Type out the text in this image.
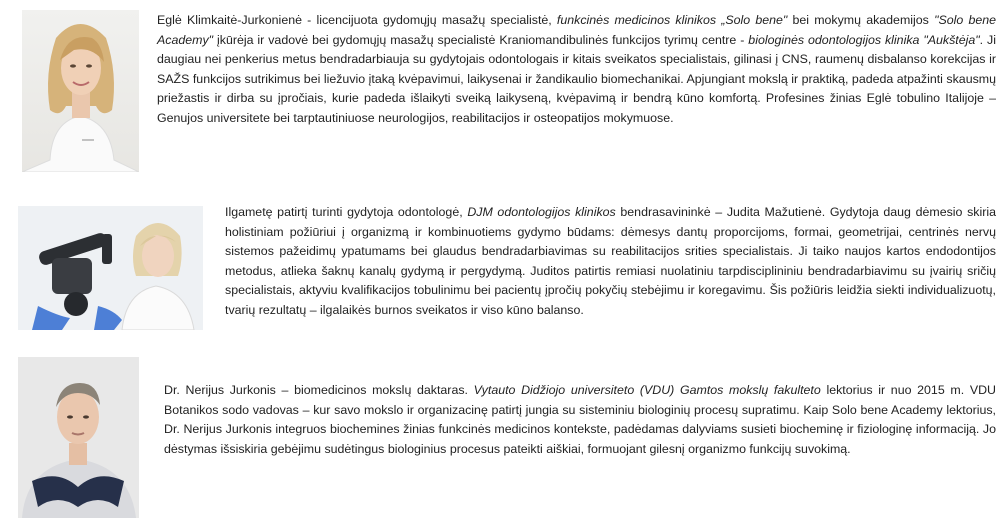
Eglė Klimkaitė-Jurkonienė - licencijuota gydomųjų masažų specialistė, funkcinės medicinos klinikos „Solo bene" bei mokymų akademijos "Solo bene Academy" įkūrėja ir vadovė bei gydomųjų masažų specialistė Kraniomandibulinės funkcijos tyrimų centre - biologinės odontologijos klinika "Aukštėja". Ji daugiau nei penkerius metus bendradarbiauja su gydytojais odontologais ir kitais sveikatos specialistais, gilinasi į CNS, raumenų disbalanso korekcijas ir SAŽS funkcijos sutrikimus bei liežuvio įtaką kvėpavimui, laikysenai ir žandikaulio biomechanikai. Apjungiant mokslą ir praktiką, padeda atpažinti skausmų priežastis ir dirba su įpročiais, kurie padeda išlaikyti sveiką laikyseną, kvėpavimą ir bendrą kūno komfortą. Profesines žinias Eglė tobulino Italijoje – Genujos universitete bei tarptautiniuose neurologijos, reabilitacijos ir osteopatijos mokymuose.

Ilgametę patirtį turinti gydytoja odontologė, DJM odontologijos klinikos bendrasavininkė – Judita Mažutienė. Gydytoja daug dėmesio skiria holistiniam požiūriui į organizmą ir kombinuotiems gydymo būdams: dėmesys dantų proporcijoms, formai, geometrijai, centrinės nervų sistemos pažeidimų ypatumams bei glaudus bendradarbiavimas su reabilitacijos srities specialistais. Ji taiko naujos kartos endodontijos metodus, atlieka šaknų kanalų gydymą ir pergydymą. Juditos patirtis remiasi nuolatiniu tarpdisciplininiu bendradarbiavimu su įvairių sričių specialistais, aktyviu kvalifikacijos tobulinimu bei pacientų įpročių pokyčių stebėjimu ir koregavimu. Šis požiūris leidžia siekti individualizuotų, tvarių rezultatų – ilgalaikės burnos sveikatos ir viso kūno balanso.

Dr. Nerijus Jurkonis – biomedicinos mokslų daktaras. Vytauto Didžiojo universiteto (VDU) Gamtos mokslų fakulteto lektorius ir nuo 2015 m. VDU Botanikos sodo vadovas – kur savo mokslo ir organizacinę patirtį jungia su sisteminiu biologinių procesų supratimu. Kaip Solo bene Academy lektorius, Dr. Nerijus Jurkonis integruos biochemines žinias funkcinės medicinos kontekste, padėdamas dalyviams susieti biocheminę ir fiziologinę informaciją. Jo dėstymas išsiskiria gebėjimu sudėtingus biologinius procesus pateikti aiškiai, formuojant gilesnį organizmo funkcijų suvokimą.
